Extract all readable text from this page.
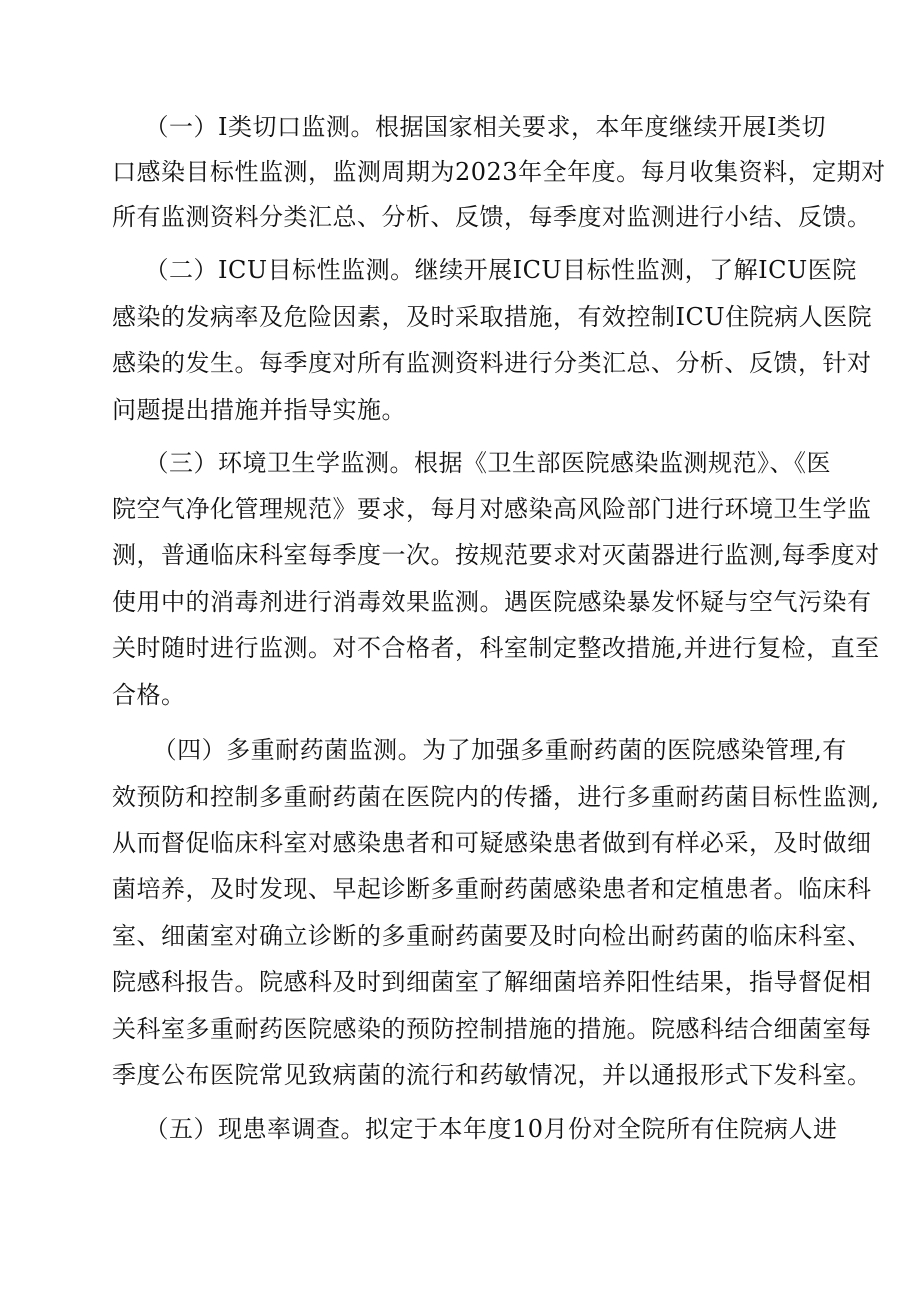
（一）Ⅰ类切口监测。根据国家相关要求，本年度继续开展Ⅰ类切
口感染目标性监测，监测周期为2023年全年度。每月收集资料，定期对
所有监测资料分类汇总、分析、反馈，每季度对监测进行小结、反馈。
（二）ICU目标性监测。继续开展ICU目标性监测，了解ICU医院
感染的发病率及危险因素，及时采取措施，有效控制ICU住院病人医院
感染的发生。每季度对所有监测资料进行分类汇总、分析、反馈，针对
问题提出措施并指导实施。
（三）环境卫生学监测。根据《卫生部医院感染监测规范》、《医
院空气净化管理规范》要求，每月对感染高风险部门进行环境卫生学监
测，普通临床科室每季度一次。按规范要求对灭菌器进行监测,每季度对
使用中的消毒剂进行消毒效果监测。遇医院感染暴发怀疑与空气污染有
关时随时进行监测。对不合格者，科室制定整改措施,并进行复检，直至
合格。
（四）多重耐药菌监测。为了加强多重耐药菌的医院感染管理,有
效预防和控制多重耐药菌在医院内的传播，进行多重耐药菌目标性监测,
从而督促临床科室对感染患者和可疑感染患者做到有样必采，及时做细
菌培养，及时发现、早起诊断多重耐药菌感染患者和定植患者。临床科
室、细菌室对确立诊断的多重耐药菌要及时向检出耐药菌的临床科室、
院感科报告。院感科及时到细菌室了解细菌培养阳性结果，指导督促相
关科室多重耐药医院感染的预防控制措施的措施。院感科结合细菌室每
季度公布医院常见致病菌的流行和药敏情况，并以通报形式下发科室。
（五）现患率调查。拟定于本年度10月份对全院所有住院病人进
